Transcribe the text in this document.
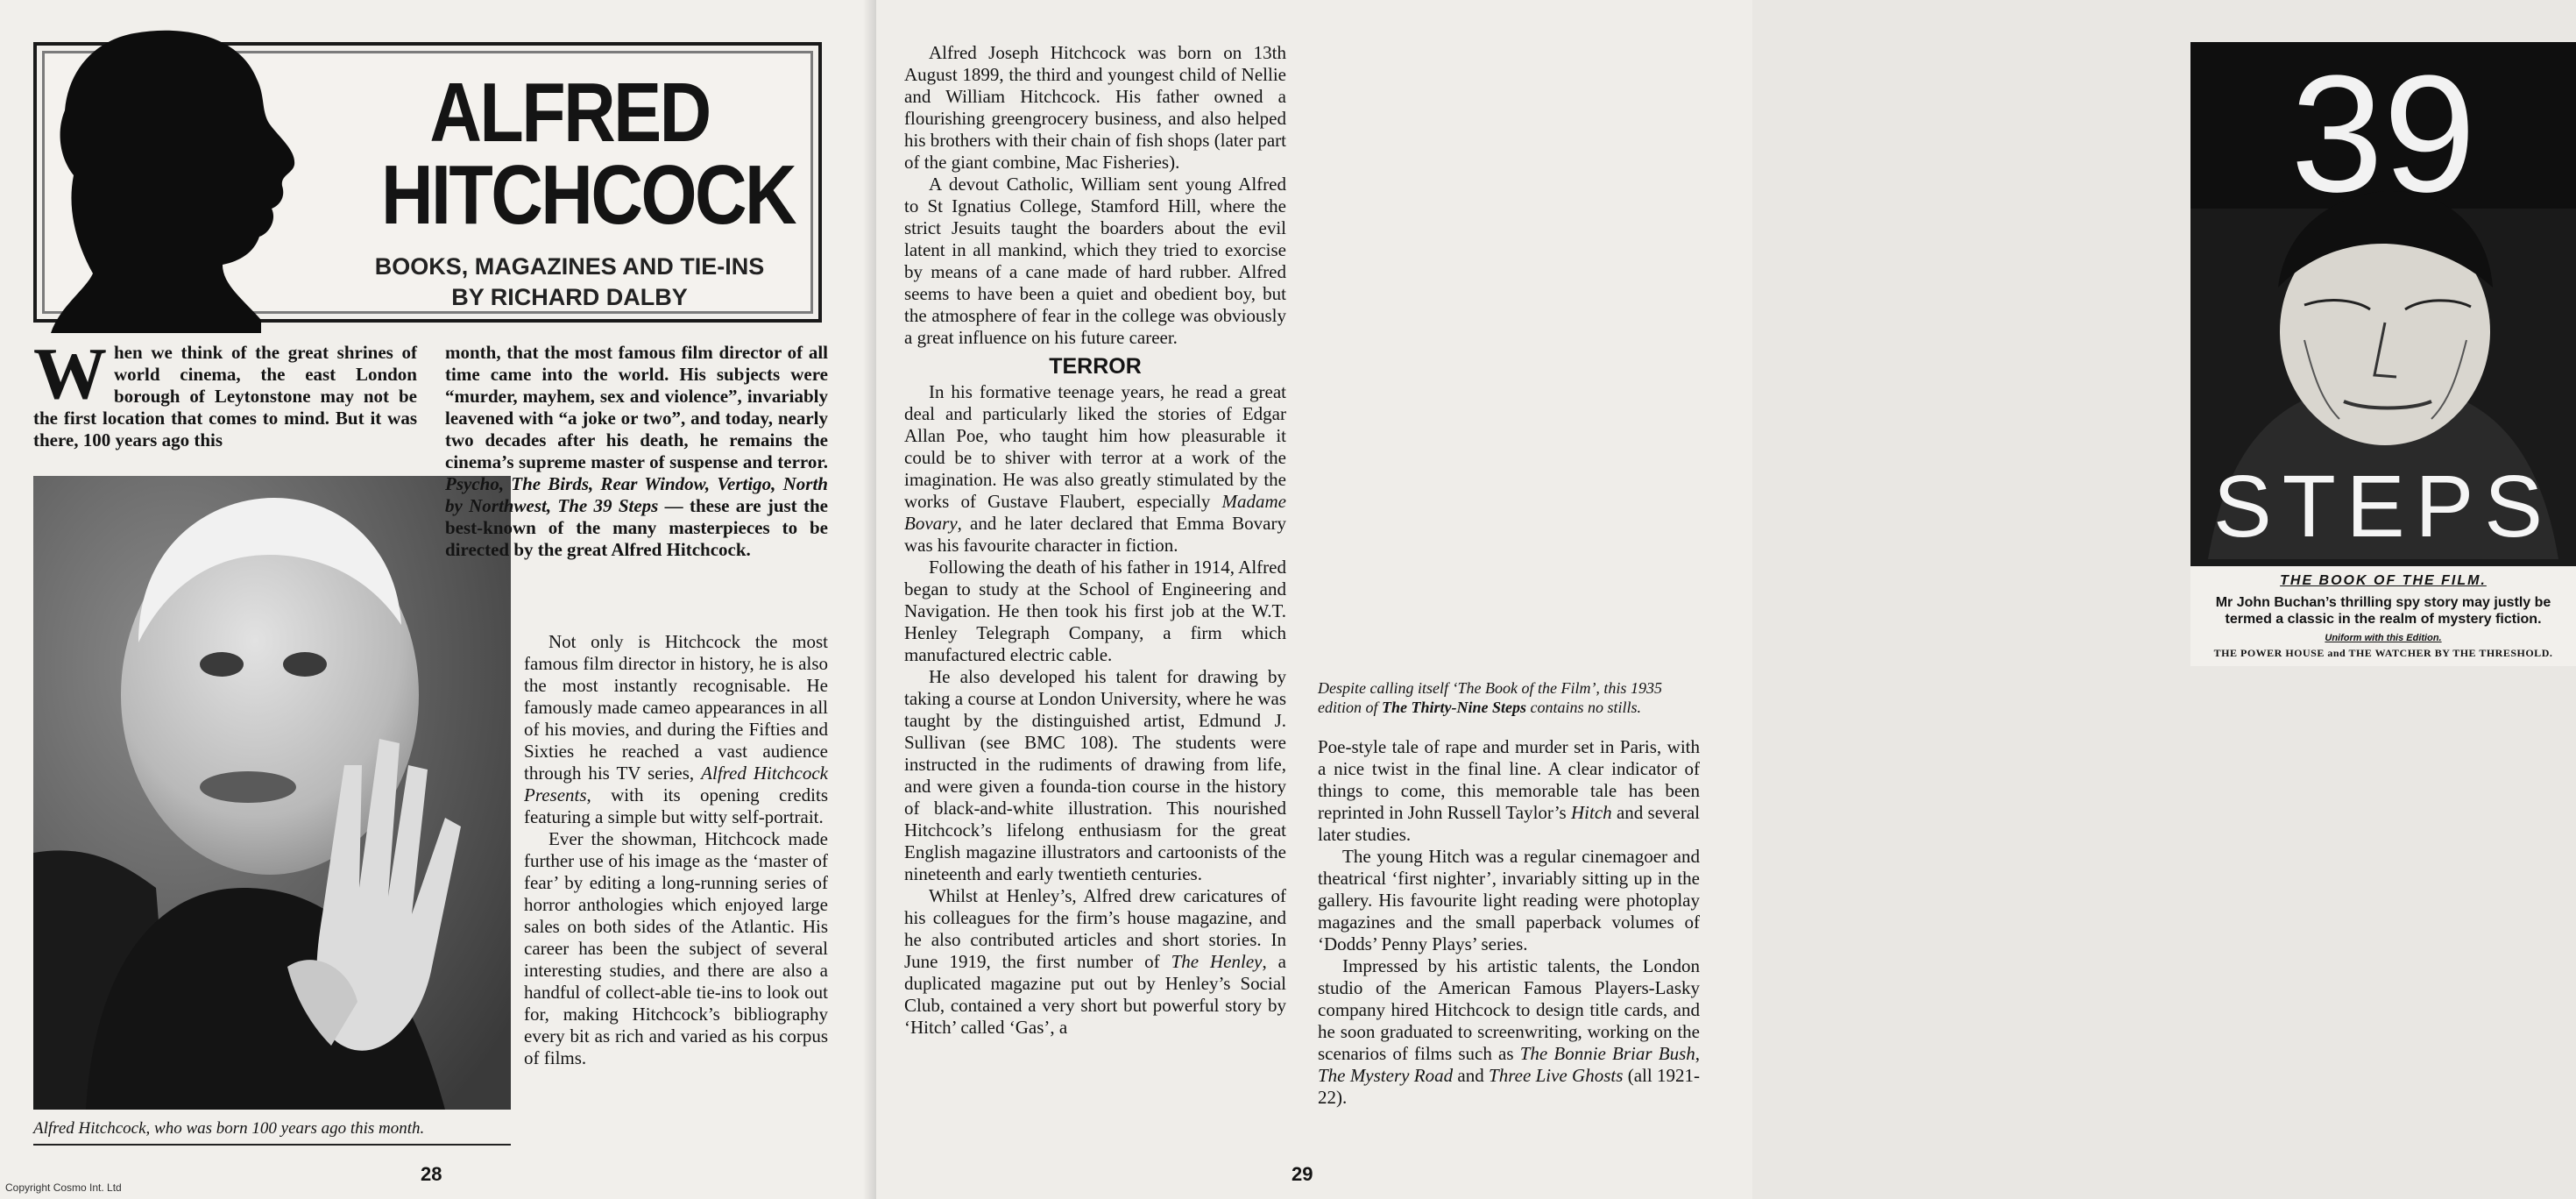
ALFRED
HITCHCOCK
BOOKS, MAGAZINES AND TIE-INS
BY RICHARD DALBY

When we think of the great shrines of world cinema, the east London borough of Leytonstone may not be the first location that comes to mind. But it was there, 100 years ago this

Alfred Hitchcock, who was born 100 years ago this month.

month, that the most famous film director of all time came into the world. His subjects were “murder, mayhem, sex and violence”, invariably leavened with “a joke or two”, and today, nearly two decades after his death, he remains the cinema’s supreme master of suspense and terror. Psycho, The Birds, Rear Window, Vertigo, North by Northwest, The 39 Steps — these are just the best-known of the many masterpieces to be directed by the great Alfred Hitchcock.

Not only is Hitchcock the most famous film director in history, he is also the most instantly recognisable. He famously made cameo appearances in all of his movies, and during the Fifties and Sixties he reached a vast audience through his TV series, Alfred Hitchcock Presents, with its opening credits featuring a simple but witty self-portrait.

Ever the showman, Hitchcock made further use of his image as the ‘master of fear’ by editing a long-running series of horror anthologies which enjoyed large sales on both sides of the Atlantic. His career has been the subject of several interesting studies, and there are also a handful of collect-able tie-ins to look out for, making Hitchcock’s bibliography every bit as rich and varied as his corpus of films.

28
Copyright Cosmo Int. Ltd

Alfred Joseph Hitchcock was born on 13th August 1899, the third and youngest child of Nellie and William Hitchcock. His father owned a flourishing greengrocery business, and also helped his brothers with their chain of fish shops (later part of the giant combine, Mac Fisheries).

A devout Catholic, William sent young Alfred to St Ignatius College, Stamford Hill, where the strict Jesuits taught the boarders about the evil latent in all mankind, which they tried to exorcise by means of a cane made of hard rubber. Alfred seems to have been a quiet and obedient boy, but the atmosphere of fear in the college was obviously a great influence on his future career.

TERROR

In his formative teenage years, he read a great deal and particularly liked the stories of Edgar Allan Poe, who taught him how pleasurable it could be to shiver with terror at a work of the imagination. He was also greatly stimulated by the works of Gustave Flaubert, especially Madame Bovary, and he later declared that Emma Bovary was his favourite character in fiction.

Following the death of his father in 1914, Alfred began to study at the School of Engineering and Navigation. He then took his first job at the W.T. Henley Telegraph Company, a firm which manufactured electric cable.

He also developed his talent for drawing by taking a course at London University, where he was taught by the distinguished artist, Edmund J. Sullivan (see BMC 108). The students were instructed in the rudiments of drawing from life, and were given a founda-tion course in the history of black-and-white illustration. This nourished Hitchcock’s lifelong enthusiasm for the great English magazine illustrators and cartoonists of the nineteenth and early twentieth centuries.

Whilst at Henley’s, Alfred drew caricatures of his colleagues for the firm’s house magazine, and he also contributed articles and short stories. In June 1919, the first number of The Henley, a duplicated magazine put out by Henley’s Social Club, contained a very short but powerful story by ‘Hitch’ called ‘Gas’, a

39
STEPS
THE BOOK OF THE FILM.
Mr John Buchan’s thrilling spy story may justly be termed a classic in the realm of mystery fiction.
Uniform with this Edition.
THE POWER HOUSE and THE WATCHER BY THE THRESHOLD.
Despite calling itself ‘The Book of the Film’, this 1935 edition of The Thirty-Nine Steps contains no stills.

Poe-style tale of rape and murder set in Paris, with a nice twist in the final line. A clear indicator of things to come, this memorable tale has been reprinted in John Russell Taylor’s Hitch and several later studies.

The young Hitch was a regular cinemagoer and theatrical ‘first nighter’, invariably sitting up in the gallery. His favourite light reading were photoplay magazines and the small paperback volumes of ‘Dodds’ Penny Plays’ series.

Impressed by his artistic talents, the London studio of the American Famous Players-Lasky company hired Hitchcock to design title cards, and he soon graduated to screenwriting, working on the scenarios of films such as The Bonnie Briar Bush, The Mystery Road and Three Live Ghosts (all 1921-22).

29
